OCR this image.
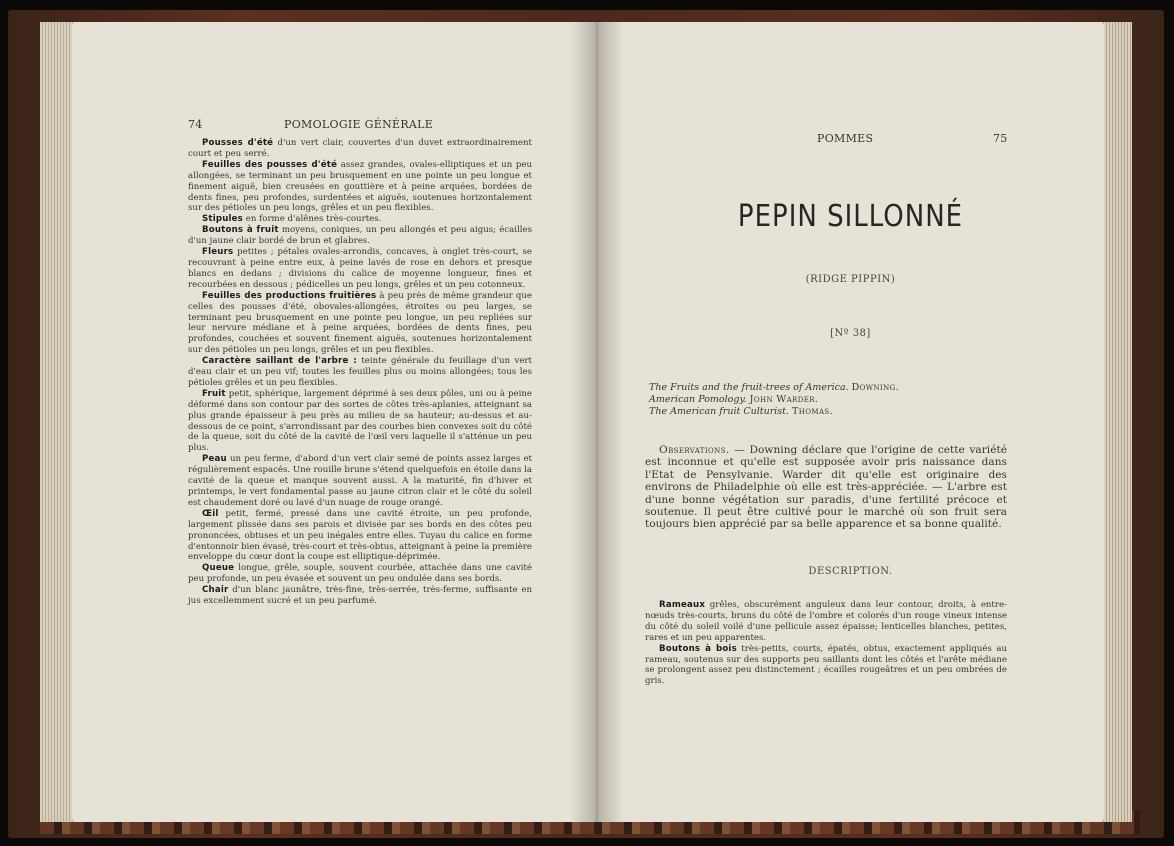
74	POMOLOGIE GÉNÉRALE

Pousses d'été d'un vert clair, couvertes d'un duvet extraordinairement court et peu serré.

Feuilles des pousses d'été assez grandes, ovales-elliptiques et un peu allongées, se terminant un peu brusquement en une pointe un peu longue et finement aiguë, bien creusées en gouttière et à peine arquées, bordées de dents fines, peu profondes, surdentées et aiguës, soutenues horizontalement sur des pétioles un peu longs, grêles et un peu flexibles.

Stipules en forme d'alênes très-courtes.

Boutons à fruit moyens, coniques, un peu allongés et peu aigus; écailles d'un jaune clair bordé de brun et glabres.

Fleurs petites ; pétales ovales-arrondis, concaves, à onglet très-court, se recouvrant à peine entre eux, à peine lavés de rose en dehors et presque blancs en dedans ; divisions du calice de moyenne longueur, fines et recourbées en dessous ; pédicelles un peu longs, grêles et un peu cotonneux.

Feuilles des productions fruitières à peu près de même grandeur que celles des pousses d'été, obovales-allongées, étroites ou peu larges, se terminant peu brusquement en une pointe peu longue, un peu repliées sur leur nervure médiane et à peine arquées, bordées de dents fines, peu profondes, couchées et souvent finement aiguës, soutenues horizontalement sur des pétioles un peu longs, grêles et un peu flexibles.

Caractère saillant de l'arbre : teinte générale du feuillage d'un vert d'eau clair et un peu vif; toutes les feuilles plus ou moins allongées; tous les pétioles grêles et un peu flexibles.

Fruit petit, sphérique, largement déprimé à ses deux pôles, uni ou à peine déformé dans son contour par des sortes de côtes très-aplanies, atteignant sa plus grande épaisseur à peu près au milieu de sa hauteur; au-dessus et au-dessous de ce point, s'arrondissant par des courbes bien convexes soit du côté de la queue, soit du côté de la cavité de l'œil vers laquelle il s'atténue un peu plus.

Peau un peu ferme, d'abord d'un vert clair semé de points assez larges et régulièrement espacés. Une rouille brune s'étend quelquefois en étoile dans la cavité de la queue et manque souvent aussi. A la maturité, fin d'hiver et printemps, le vert fondamental passe au jaune citron clair et le côté du soleil est chaudement doré ou lavé d'un nuage de rouge orangé.

Œil petit, fermé, pressé dans une cavité étroite, un peu profonde, largement plissée dans ses parois et divisée par ses bords en des côtes peu prononcées, obtuses et un peu inégales entre elles. Tuyau du calice en forme d'entonnoir bien évasé, très-court et très-obtus, atteignant à peine la première enveloppe du cœur dont la coupe est elliptique-déprimée.

Queue longue, grêle, souple, souvent courbée, attachée dans une cavité peu profonde, un peu évasée et souvent un peu ondulée dans ses bords.

Chair d'un blanc jaunâtre, très-fine, très-serrée, très-ferme, suffisante en jus excellemment sucré et un peu parfumé.

POMMES	75
PEPIN SILLONNÉ
(RIDGE PIPPIN)
[Nº 38]
The Fruits and the fruit-trees of America. Downing.
American Pomology. John Warder.
The American fruit Culturist. Thomas.

Observations. — Downing déclare que l'origine de cette variété est inconnue et qu'elle est supposée avoir pris naissance dans l'Etat de Pensylvanie. Warder dit qu'elle est originaire des environs de Philadelphie où elle est très-appréciée. — L'arbre est d'une bonne végétation sur paradis, d'une fertilité précoce et soutenue. Il peut être cultivé pour le marché où son fruit sera toujours bien apprécié par sa belle apparence et sa bonne qualité.

DESCRIPTION.

Rameaux grêles, obscurément anguleux dans leur contour, droits, à entre-nœuds très-courts, bruns du côté de l'ombre et colorés d'un rouge vineux intense du côté du soleil voilé d'une pellicule assez épaisse; lenticelles blanches, petites, rares et un peu apparentes.

Boutons à bois très-petits, courts, épatés, obtus, exactement appliqués au rameau, soutenus sur des supports peu saillants dont les côtés et l'arête médiane se prolongent assez peu distinctement ; écailles rougeâtres et un peu ombrées de gris.
